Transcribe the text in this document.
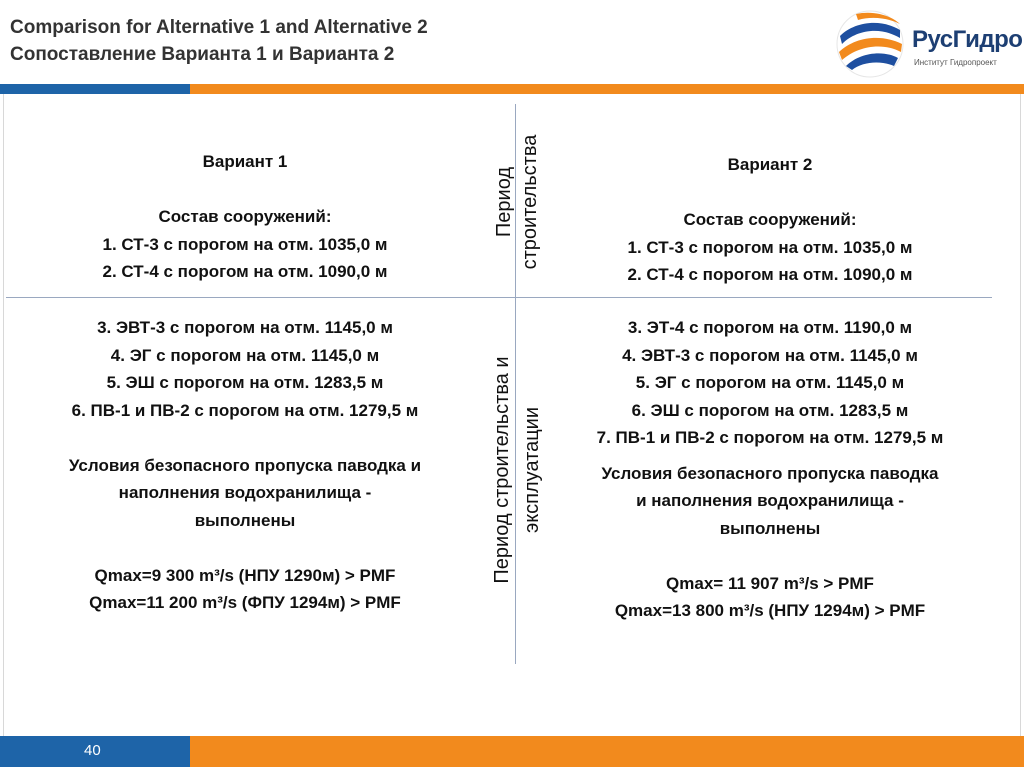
Comparison for Alternative 1 and Alternative 2
Сопоставление Варианта 1 и Варианта 2
РусГидро
Институт Гидропроект
Вариант 1
Состав сооружений:
1. СТ-3 с порогом на отм. 1035,0 м
2. СТ-4 с порогом на отм. 1090,0 м
3. ЭВТ-3 с порогом на отм. 1145,0 м
4. ЭГ с порогом на отм. 1145,0 м
5. ЭШ с порогом на отм. 1283,5 м
6. ПВ-1 и ПВ-2 с порогом на отм. 1279,5 м
Условия безопасного пропуска паводка и
наполнения водохранилища -
выполнены
Qmax=9 300 m³/s (НПУ 1290м) > PMF
Qmax=11 200 m³/s (ФПУ 1294м) > PMF
Вариант 2
Состав сооружений:
1. СТ-3 с порогом на отм. 1035,0 м
2. СТ-4 с порогом на отм. 1090,0 м
3. ЭТ-4 с порогом на отм. 1190,0 м
4. ЭВТ-3 с порогом на отм. 1145,0 м
5. ЭГ с порогом на отм. 1145,0 м
6. ЭШ с порогом на отм. 1283,5 м
7. ПВ-1 и ПВ-2 с порогом на отм. 1279,5 м
Условия безопасного пропуска паводка
и наполнения водохранилища -
выполнены
Qmax= 11 907 m³/s > PMF
Qmax=13 800 m³/s (НПУ 1294м) > PMF
Период строительства
Период строительства и эксплуатации
40
